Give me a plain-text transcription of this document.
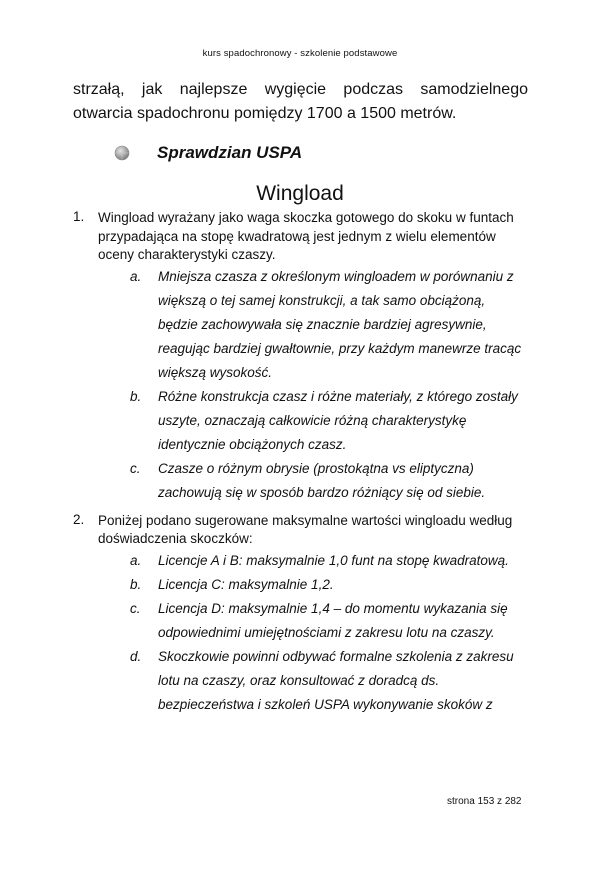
kurs spadochronowy - szkolenie podstawowe
strzałą, jak najlepsze wygięcie podczas samodzielnego
otwarcia spadochronu pomiędzy 1700 a 1500 metrów.
Sprawdzian USPA
Wingload
1. Wingload wyrażany jako waga skoczka gotowego do skoku w funtach przypadająca na stopę kwadratową jest jednym z wielu elementów oceny charakterystyki czaszy.
a. Mniejsza czasza z określonym wingloadem w porównaniu z większą o tej samej konstrukcji, a tak samo obciążoną, będzie zachowywała się znacznie bardziej agresywnie, reagując bardziej gwałtownie, przy każdym manewrze tracąc większą wysokość.
b. Różne konstrukcja czasz i różne materiały, z którego zostały uszyte, oznaczają całkowicie różną charakterystykę identycznie obciążonych czasz.
c. Czasze o różnym obrysie (prostokątna vs eliptyczna) zachowują się w sposób bardzo różniący się od siebie.
2. Poniżej podano sugerowane maksymalne wartości wingloadu według doświadczenia skoczków:
a. Licencje A i B: maksymalnie 1,0 funt na stopę kwadratową.
b. Licencja C: maksymalnie 1,2.
c. Licencja D: maksymalnie 1,4 – do momentu wykazania się odpowiednimi umiejętnościami z zakresu lotu na czaszy.
d. Skoczkowie powinni odbywać formalne szkolenia z zakresu lotu na czaszy, oraz konsultować z doradcą ds. bezpieczeństwa i szkoleń USPA wykonywanie skoków z
strona 153 z 282
